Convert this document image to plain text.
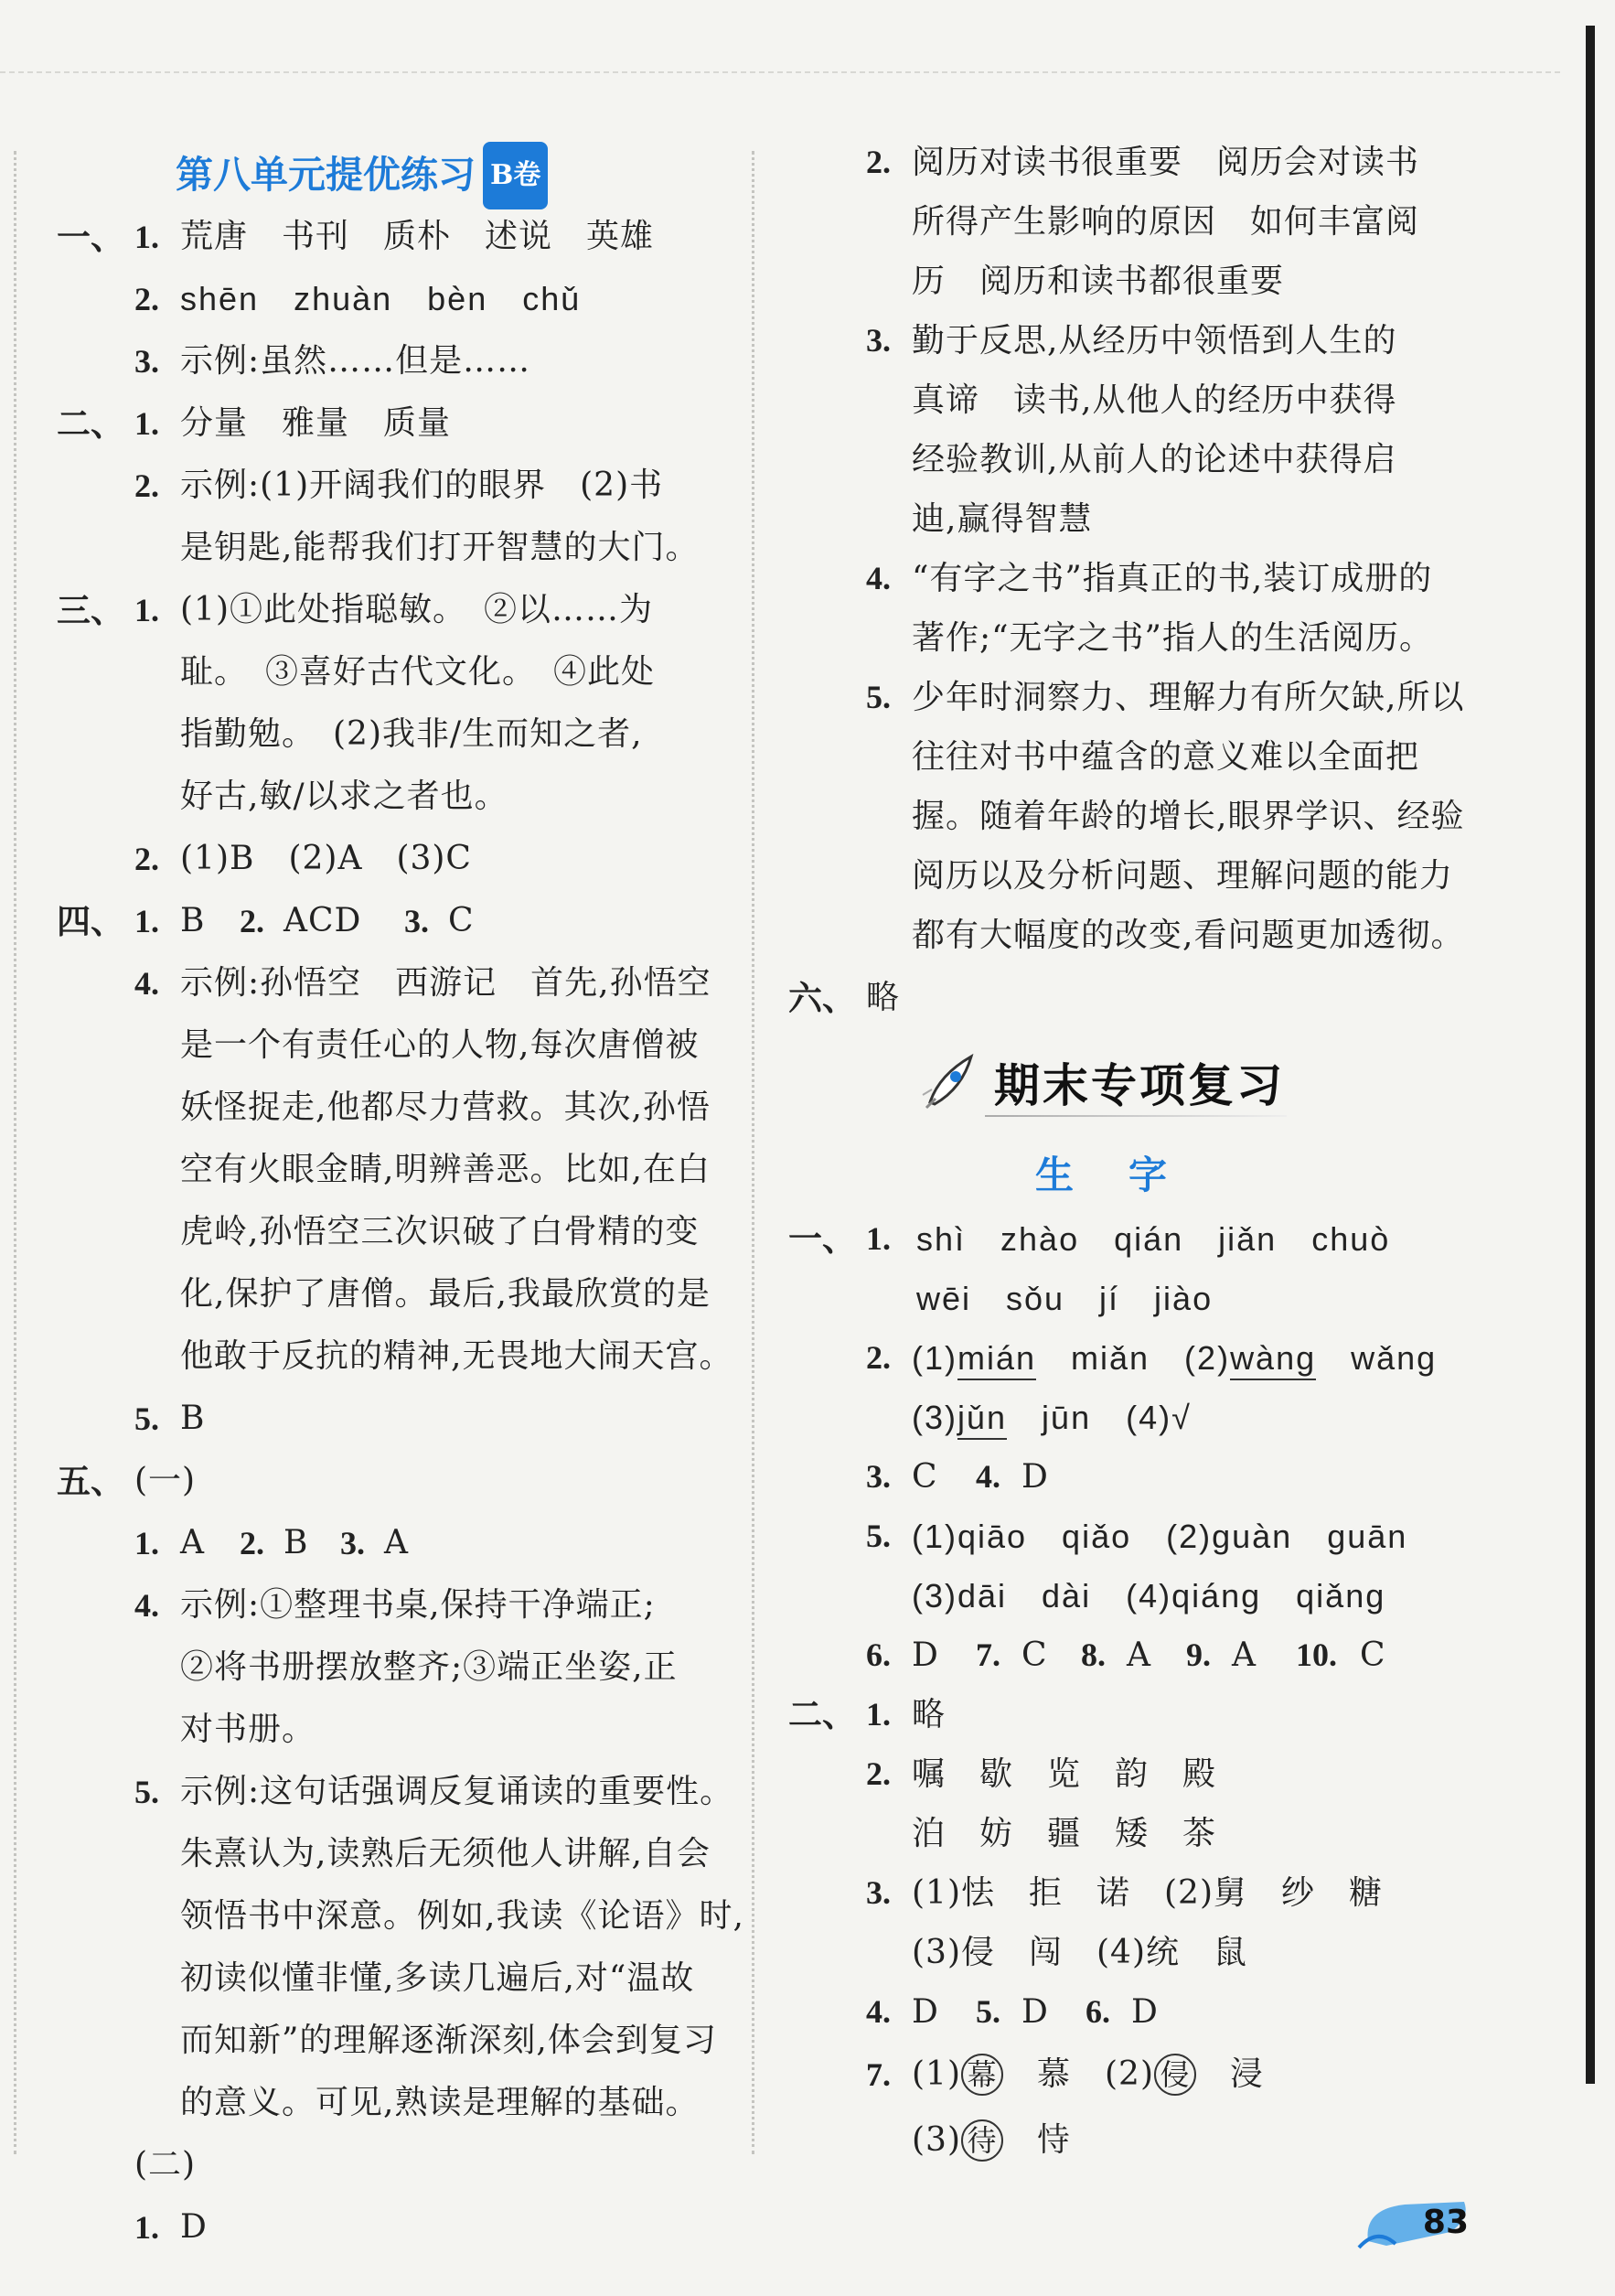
第八单元提优练习 B卷
一、 1. 荒唐　书刊　质朴　述说　英雄
2. shēn　zhuàn　bèn　chǔ
3. 示例:虽然……但是……
二、 1. 分量　雅量　质量
2. 示例:(1)开阔我们的眼界　(2)书
是钥匙,能帮我们打开智慧的大门。
三、 1. (1)①此处指聪敏。　②以……为
耻。　③喜好古代文化。　④此处
指勤勉。　(2)我非/生而知之者,
好古,敏/以求之者也。
2. (1)B　(2)A　(3)C
四、 1. B 2. ACD 3. C
4. 示例:孙悟空　西游记　首先,孙悟空
是一个有责任心的人物,每次唐僧被
妖怪捉走,他都尽力营救。其次,孙悟
空有火眼金睛,明辨善恶。比如,在白
虎岭,孙悟空三次识破了白骨精的变
化,保护了唐僧。最后,我最欣赏的是
他敢于反抗的精神,无畏地大闹天宫。
5. B
五、 (一)
1. A 2. B 3. A
4. 示例:①整理书桌,保持干净端正;
②将书册摆放整齐;③端正坐姿,正
对书册。
5. 示例:这句话强调反复诵读的重要性。
朱熹认为,读熟后无须他人讲解,自会
领悟书中深意。例如,我读《论语》时,
初读似懂非懂,多读几遍后,对“温故
而知新”的理解逐渐深刻,体会到复习
的意义。可见,熟读是理解的基础。
(二)
1. D
2. 阅历对读书很重要　阅历会对读书
所得产生影响的原因　如何丰富阅
历　阅历和读书都很重要
3. 勤于反思,从经历中领悟到人生的
真谛　读书,从他人的经历中获得
经验教训,从前人的论述中获得启
迪,赢得智慧
4. “有字之书”指真正的书,装订成册的
著作;“无字之书”指人的生活阅历。
5. 少年时洞察力、理解力有所欠缺,所以
往往对书中蕴含的意义难以全面把
握。随着年龄的增长,眼界学识、经验
阅历以及分析问题、理解问题的能力
都有大幅度的改变,看问题更加透彻。
六、 略
期末专项复习
生字
一、 1. shì　zhào　qián　jiǎn　chuò
wēi　sǒu　jí　jiào
2. (1)mián　miǎn　(2)wàng　wǎng
(3)jǔn　jūn　(4)√
3. C 4. D
5. (1)qiāo　qiǎo　(2)guàn　guān
(3)dāi　dài　(4)qiáng　qiǎng
6. D 7. C 8. A 9. A 10. C
二、 1. 略
2. 嘱　歇　览　韵　殿
泊　妨　疆　矮　茶
3. (1)怯　拒　诺　(2)舅　纱　糖
(3)侵　闯　(4)统　鼠
4. D 5. D 6. D
7. (1) 幕　 慕　(2) 侵　 浸
(3) 待　 恃
83
